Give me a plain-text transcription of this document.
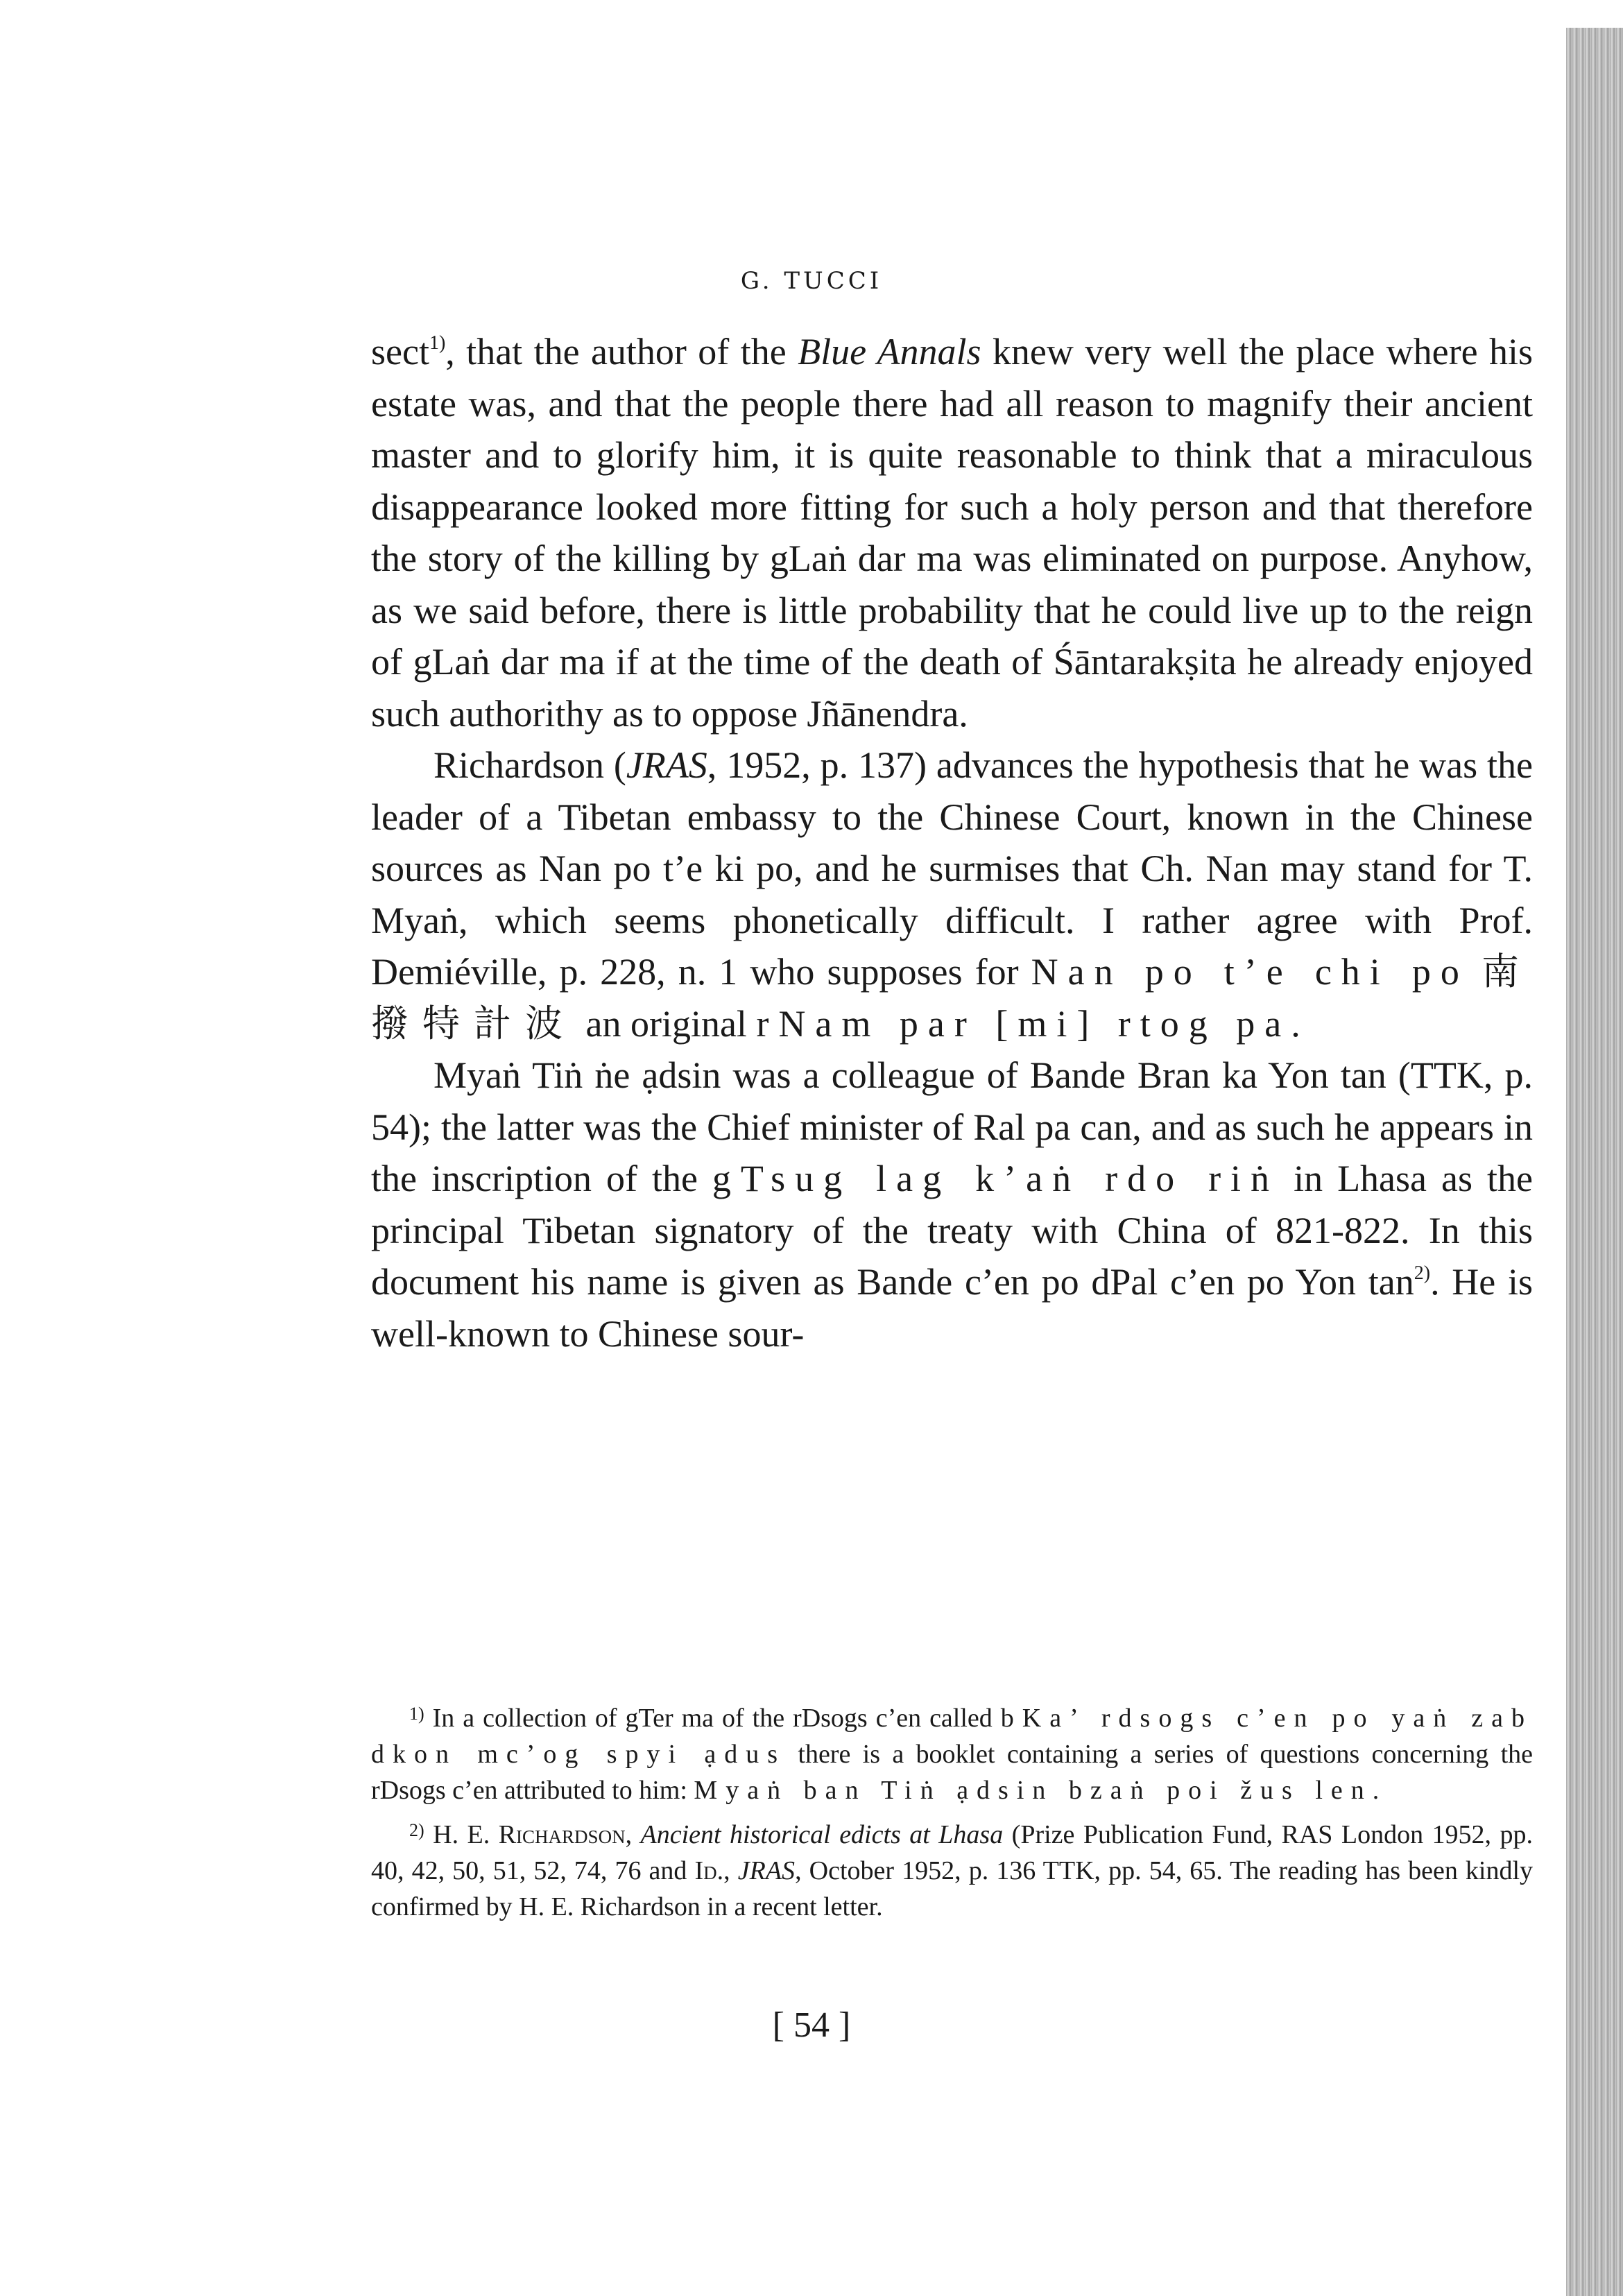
G. TUCCI

sect$^{1)}$, that the author of the Blue Annals knew very well the place where his estate was, and that the people there had all reason to magnify their ancient master and to glorify him, it is quite reasonable to think that a miraculous disappearance looked more fitting for such a holy person and that therefore the story of the killing by gLaṅ dar ma was eliminated on purpose. Anyhow, as we said before, there is little probability that he could live up to the reign of gLaṅ dar ma if at the time of the death of Śāntarakṣita he already enjoyed such authorithy as to oppose Jñānendra.

Richardson (JRAS, 1952, p. 137) advances the hypothesis that he was the leader of a Tibetan embassy to the Chinese Court, known in the Chinese sources as Nan po t’e ki po, and he surmises that Ch. Nan may stand for T. Myaṅ, which seems phonetically difficult. I rather agree with Prof. Demiéville, p. 228, n. 1 who supposes for Nan po t’e chi po 南撥特計波 an original rNam par [mi] rtog pa.

Myaṅ Tiṅ ṅe ạdsin was a colleague of Bande Bran ka Yon tan (TTK, p. 54); the latter was the Chief minister of Ral pa can, and as such he appears in the inscription of the gTsug lag k’aṅ rdo riṅ in Lhasa as the principal Tibetan signatory of the treaty with China of 821-822. In this document his name is given as Bande c’en po dPal c’en po Yon $\tan^{2)}$. He is well-known to Chinese sour-

$^{1)}$ In a collection of gTer ma of the rDsogs c’en called bKa’ rdsogs c’en po yaṅ zab dkon mc’og spyi ạdus there is a booklet containing a series of questions concerning the rDsogs c’en attributed to him: Myaṅ ban Tiṅ ạdsin bzaṅ poi žus len.

$^{2)}$ H. E. Richardson, Ancient historical edicts at Lhasa (Prize Publication Fund, RAS London 1952, pp. 40, 42, 50, 51, 52, 74, 76 and Id., JRAS, October 1952, p. 136 TTK, pp. 54, 65. The reading has been kindly confirmed by H. E. Richardson in a recent letter.

[ 54 ]
